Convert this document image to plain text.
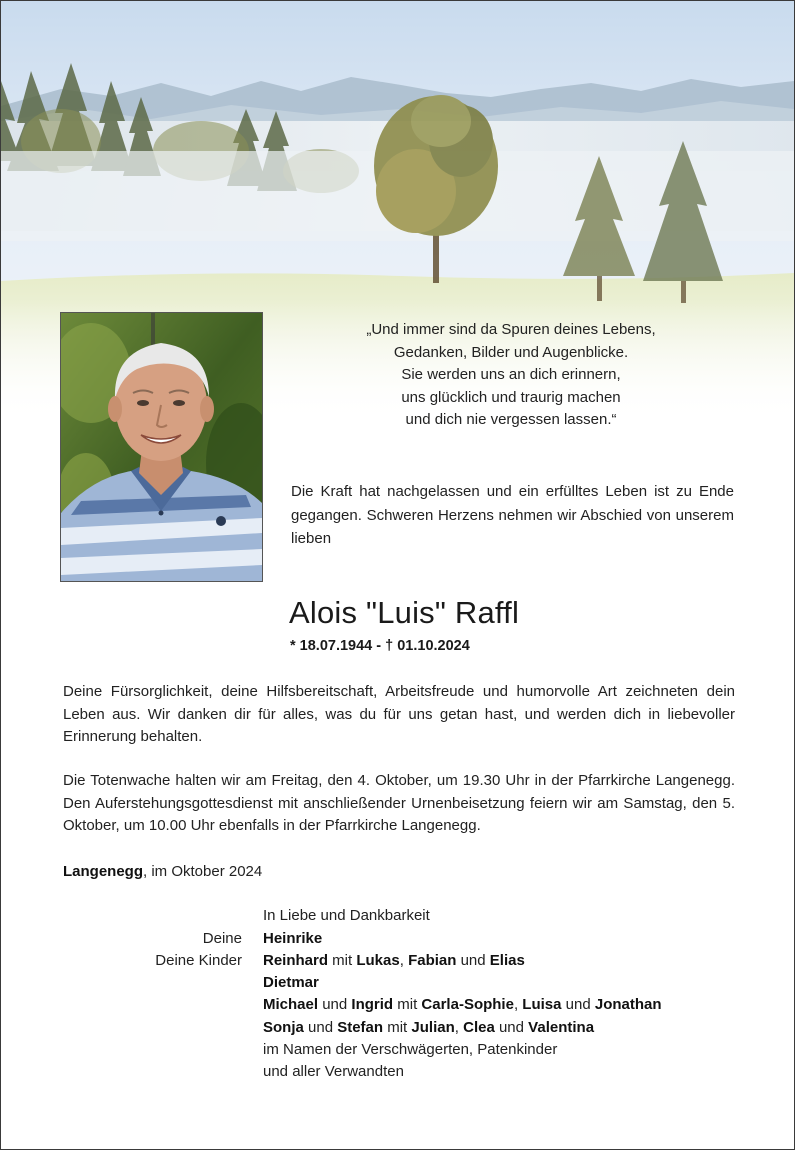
„Und immer sind da Spuren deines Lebens,
Gedanken, Bilder und Augenblicke.
Sie werden uns an dich erinnern,
uns glücklich und traurig machen
und dich nie vergessen lassen.“
Die Kraft hat nachgelassen und ein erfülltes Leben ist zu Ende gegangen. Schweren Herzens nehmen wir Abschied von unserem lieben
Alois "Luis" Raffl
* 18.07.1944 - † 01.10.2024

Deine Fürsorglichkeit, deine Hilfsbereitschaft, Arbeitsfreude und humorvolle Art zeichneten dein Leben aus. Wir danken dir für alles, was du für uns getan hast, und werden dich in liebevoller Erinnerung behalten.

Die Totenwache halten wir am Freitag, den 4. Oktober, um 19.30 Uhr in der Pfarrkirche Langenegg. Den Auferstehungsgottesdienst mit anschließender Urnenbeisetzung feiern wir am Samstag, den 5. Oktober, um 10.00 Uhr ebenfalls in der Pfarrkirche Langenegg.

Langenegg, im Oktober 2024
In Liebe und Dankbarkeit
Deine Heinrike
Deine Kinder Reinhard mit Lukas, Fabian und Elias
Dietmar
Michael und Ingrid mit Carla-Sophie, Luisa und Jonathan
Sonja und Stefan mit Julian, Clea und Valentina
im Namen der Verschwägerten, Patenkinder
und aller Verwandten
